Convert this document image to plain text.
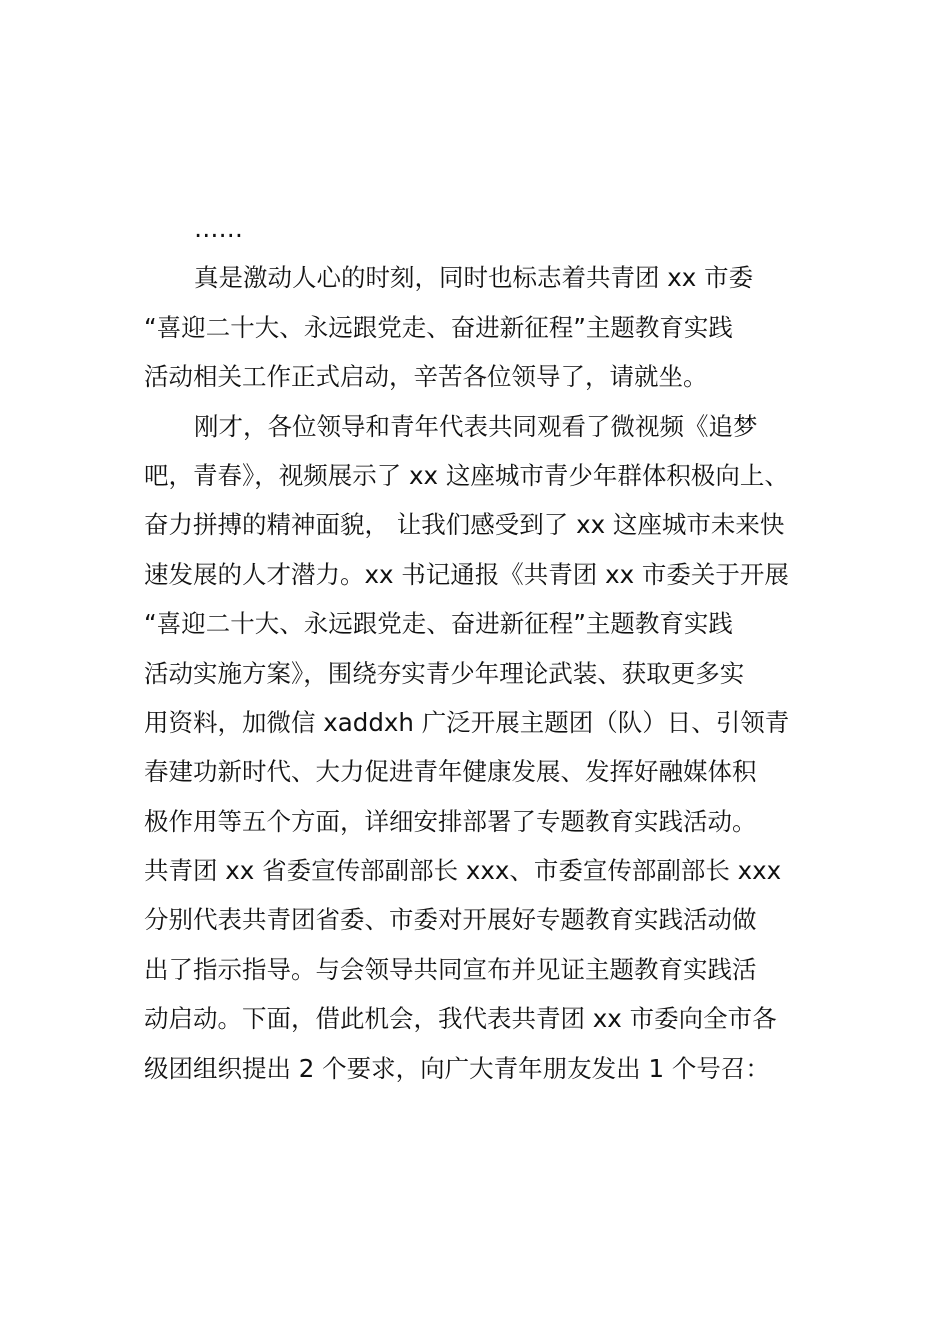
……
真是激动人心的时刻，同时也标志着共青团 xx 市委
“喜迎二十大、永远跟党走、奋进新征程”主题教育实践
活动相关工作正式启动，辛苦各位领导了，请就坐。
刚才，各位领导和青年代表共同观看了微视频《追梦
吧，青春》，视频展示了 xx 这座城市青少年群体积极向上、
奋力拼搏的精神面貌， 让我们感受到了 xx 这座城市未来快
速发展的人才潜力。xx 书记通报《共青团 xx 市委关于开展
“喜迎二十大、永远跟党走、奋进新征程”主题教育实践
活动实施方案》，围绕夯实青少年理论武装、获取更多实
用资料，加微信 xaddxh 广泛开展主题团（队）日、引领青
春建功新时代、大力促进青年健康发展、发挥好融媒体积
极作用等五个方面，详细安排部署了专题教育实践活动。
共青团 xx 省委宣传部副部长 xxx、市委宣传部副部长 xxx
分别代表共青团省委、市委对开展好专题教育实践活动做
出了指示指导。与会领导共同宣布并见证主题教育实践活
动启动。下面，借此机会，我代表共青团 xx 市委向全市各
级团组织提出 2 个要求，向广大青年朋友发出 1 个号召：
